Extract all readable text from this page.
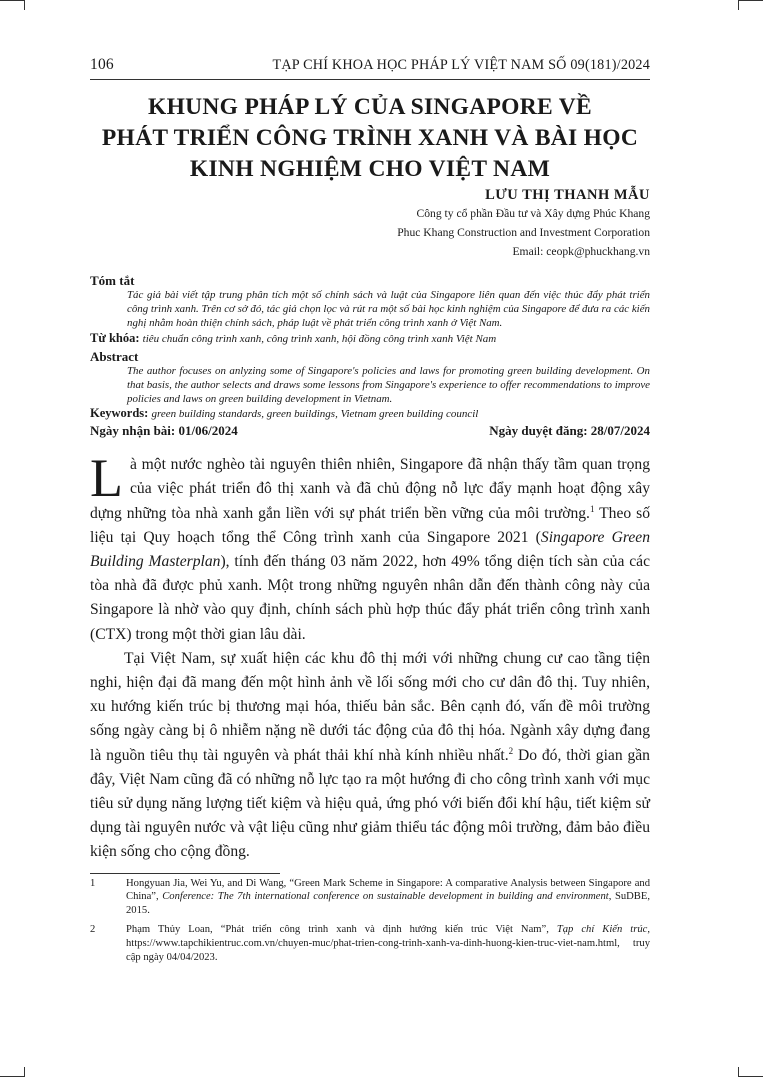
106	TẠP CHÍ KHOA HỌC PHÁP LÝ VIỆT NAM SỐ 09(181)/2024
KHUNG PHÁP LÝ CỦA SINGAPORE VỀ
PHÁT TRIỂN CÔNG TRÌNH XANH VÀ BÀI HỌC
KINH NGHIỆM CHO VIỆT NAM
LƯU THỊ THANH MẪU
Công ty cổ phần Đầu tư và Xây dựng Phúc Khang
Phuc Khang Construction and Investment Corporation
Email: ceopk@phuckhang.vn
Tóm tắt
Tác giả bài viết tập trung phân tích một số chính sách và luật của Singapore liên quan đến việc thúc đẩy phát triển công trình xanh. Trên cơ sở đó, tác giả chọn lọc và rút ra một số bài học kinh nghiệm của Singapore để đưa ra các kiến nghị nhằm hoàn thiện chính sách, pháp luật về phát triển công trình xanh ở Việt Nam.
Từ khóa: tiêu chuẩn công trình xanh, công trình xanh, hội đồng công trình xanh Việt Nam
Abstract
The author focuses on anlyzing some of Singapore's policies and laws for promoting green building development. On that basis, the author selects and draws some lessons from Singapore's experience to offer recommendations to improve policies and laws on green building development in Vietnam.
Keywords: green building standards, green buildings, Vietnam green building council
Ngày nhận bài: 01/06/2024	Ngày duyệt đăng: 28/07/2024

Là một nước nghèo tài nguyên thiên nhiên, Singapore đã nhận thấy tầm quan trọng của việc phát triển đô thị xanh và đã chủ động nỗ lực đẩy mạnh hoạt động xây dựng những tòa nhà xanh gắn liền với sự phát triển bền vững của môi trường.$^1$ Theo số liệu tại Quy hoạch tổng thể Công trình xanh của Singapore 2021 (Singapore Green Building Masterplan), tính đến tháng 03 năm 2022, hơn 49% tổng diện tích sàn của các tòa nhà đã được phủ xanh. Một trong những nguyên nhân dẫn đến thành công này của Singapore là nhờ vào quy định, chính sách phù hợp thúc đẩy phát triển công trình xanh (CTX) trong một thời gian lâu dài.

Tại Việt Nam, sự xuất hiện các khu đô thị mới với những chung cư cao tầng tiện nghi, hiện đại đã mang đến một hình ảnh về lối sống mới cho cư dân đô thị. Tuy nhiên, xu hướng kiến trúc bị thương mại hóa, thiếu bản sắc. Bên cạnh đó, vấn đề môi trường sống ngày càng bị ô nhiễm nặng nề dưới tác động của đô thị hóa. Ngành xây dựng đang là nguồn tiêu thụ tài nguyên và phát thải khí nhà kính nhiều nhất.$^2$ Do đó, thời gian gần đây, Việt Nam cũng đã có những nỗ lực tạo ra một hướng đi cho công trình xanh với mục tiêu sử dụng năng lượng tiết kiệm và hiệu quả, ứng phó với biến đổi khí hậu, tiết kiệm sử dụng tài nguyên nước và vật liệu cũng như giảm thiểu tác động môi trường, đảm bảo điều kiện sống cho cộng đồng.

1	Hongyuan Jia, Wei Yu, and Di Wang, “Green Mark Scheme in Singapore: A comparative Analysis between Singapore and China”, Conference: The 7th international conference on sustainable development in building and environment, SuDBE, 2015.
2	Phạm Thủy Loan, “Phát triển công trình xanh và định hướng kiến trúc Việt Nam”, Tạp chí Kiến trúc, https://www.tapchikientruc.com.vn/chuyen-muc/phat-trien-cong-trinh-xanh-va-dinh-huong-kien-truc-viet-nam.html, truy cập ngày 04/04/2023.
